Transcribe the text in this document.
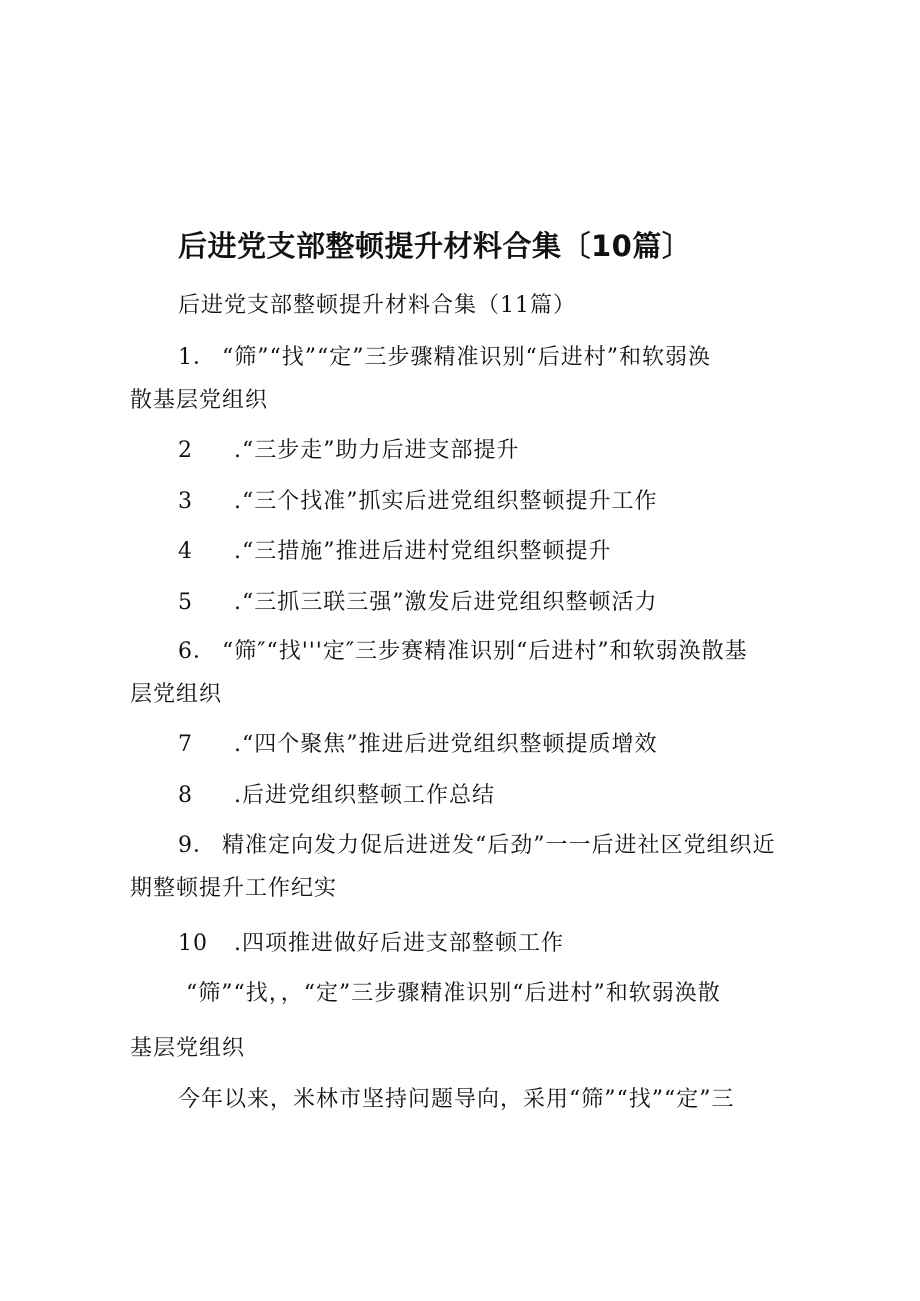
后进党支部整顿提升材料合集〔10篇〕
后进党支部整顿提升材料合集（11篇）
1． “筛”“找”“定”三步骤精准识别“后进村”和软弱涣
散基层党组织
2 .“三步走”助力后进支部提升
3 .“三个找准”抓实后进党组织整顿提升工作
4 .“三措施”推进后进村党组织整顿提升
5 .“三抓三联三强”激发后进党组织整顿活力
6． “筛″“找'''定″三步赛精准识别“后进村”和软弱涣散基
层党组织
7 .“四个聚焦”推进后进党组织整顿提质增效
8 .后进党组织整顿工作总结
9． 精准定向发力促后进迸发“后劲”一一后进社区党组织近
期整顿提升工作纪实
10 .四项推进做好后进支部整顿工作
“筛”“找，，“定”三步骤精准识别“后进村”和软弱涣散
基层党组织
今年以来，米林市坚持问题导向，采用“筛”“找”“定”三
